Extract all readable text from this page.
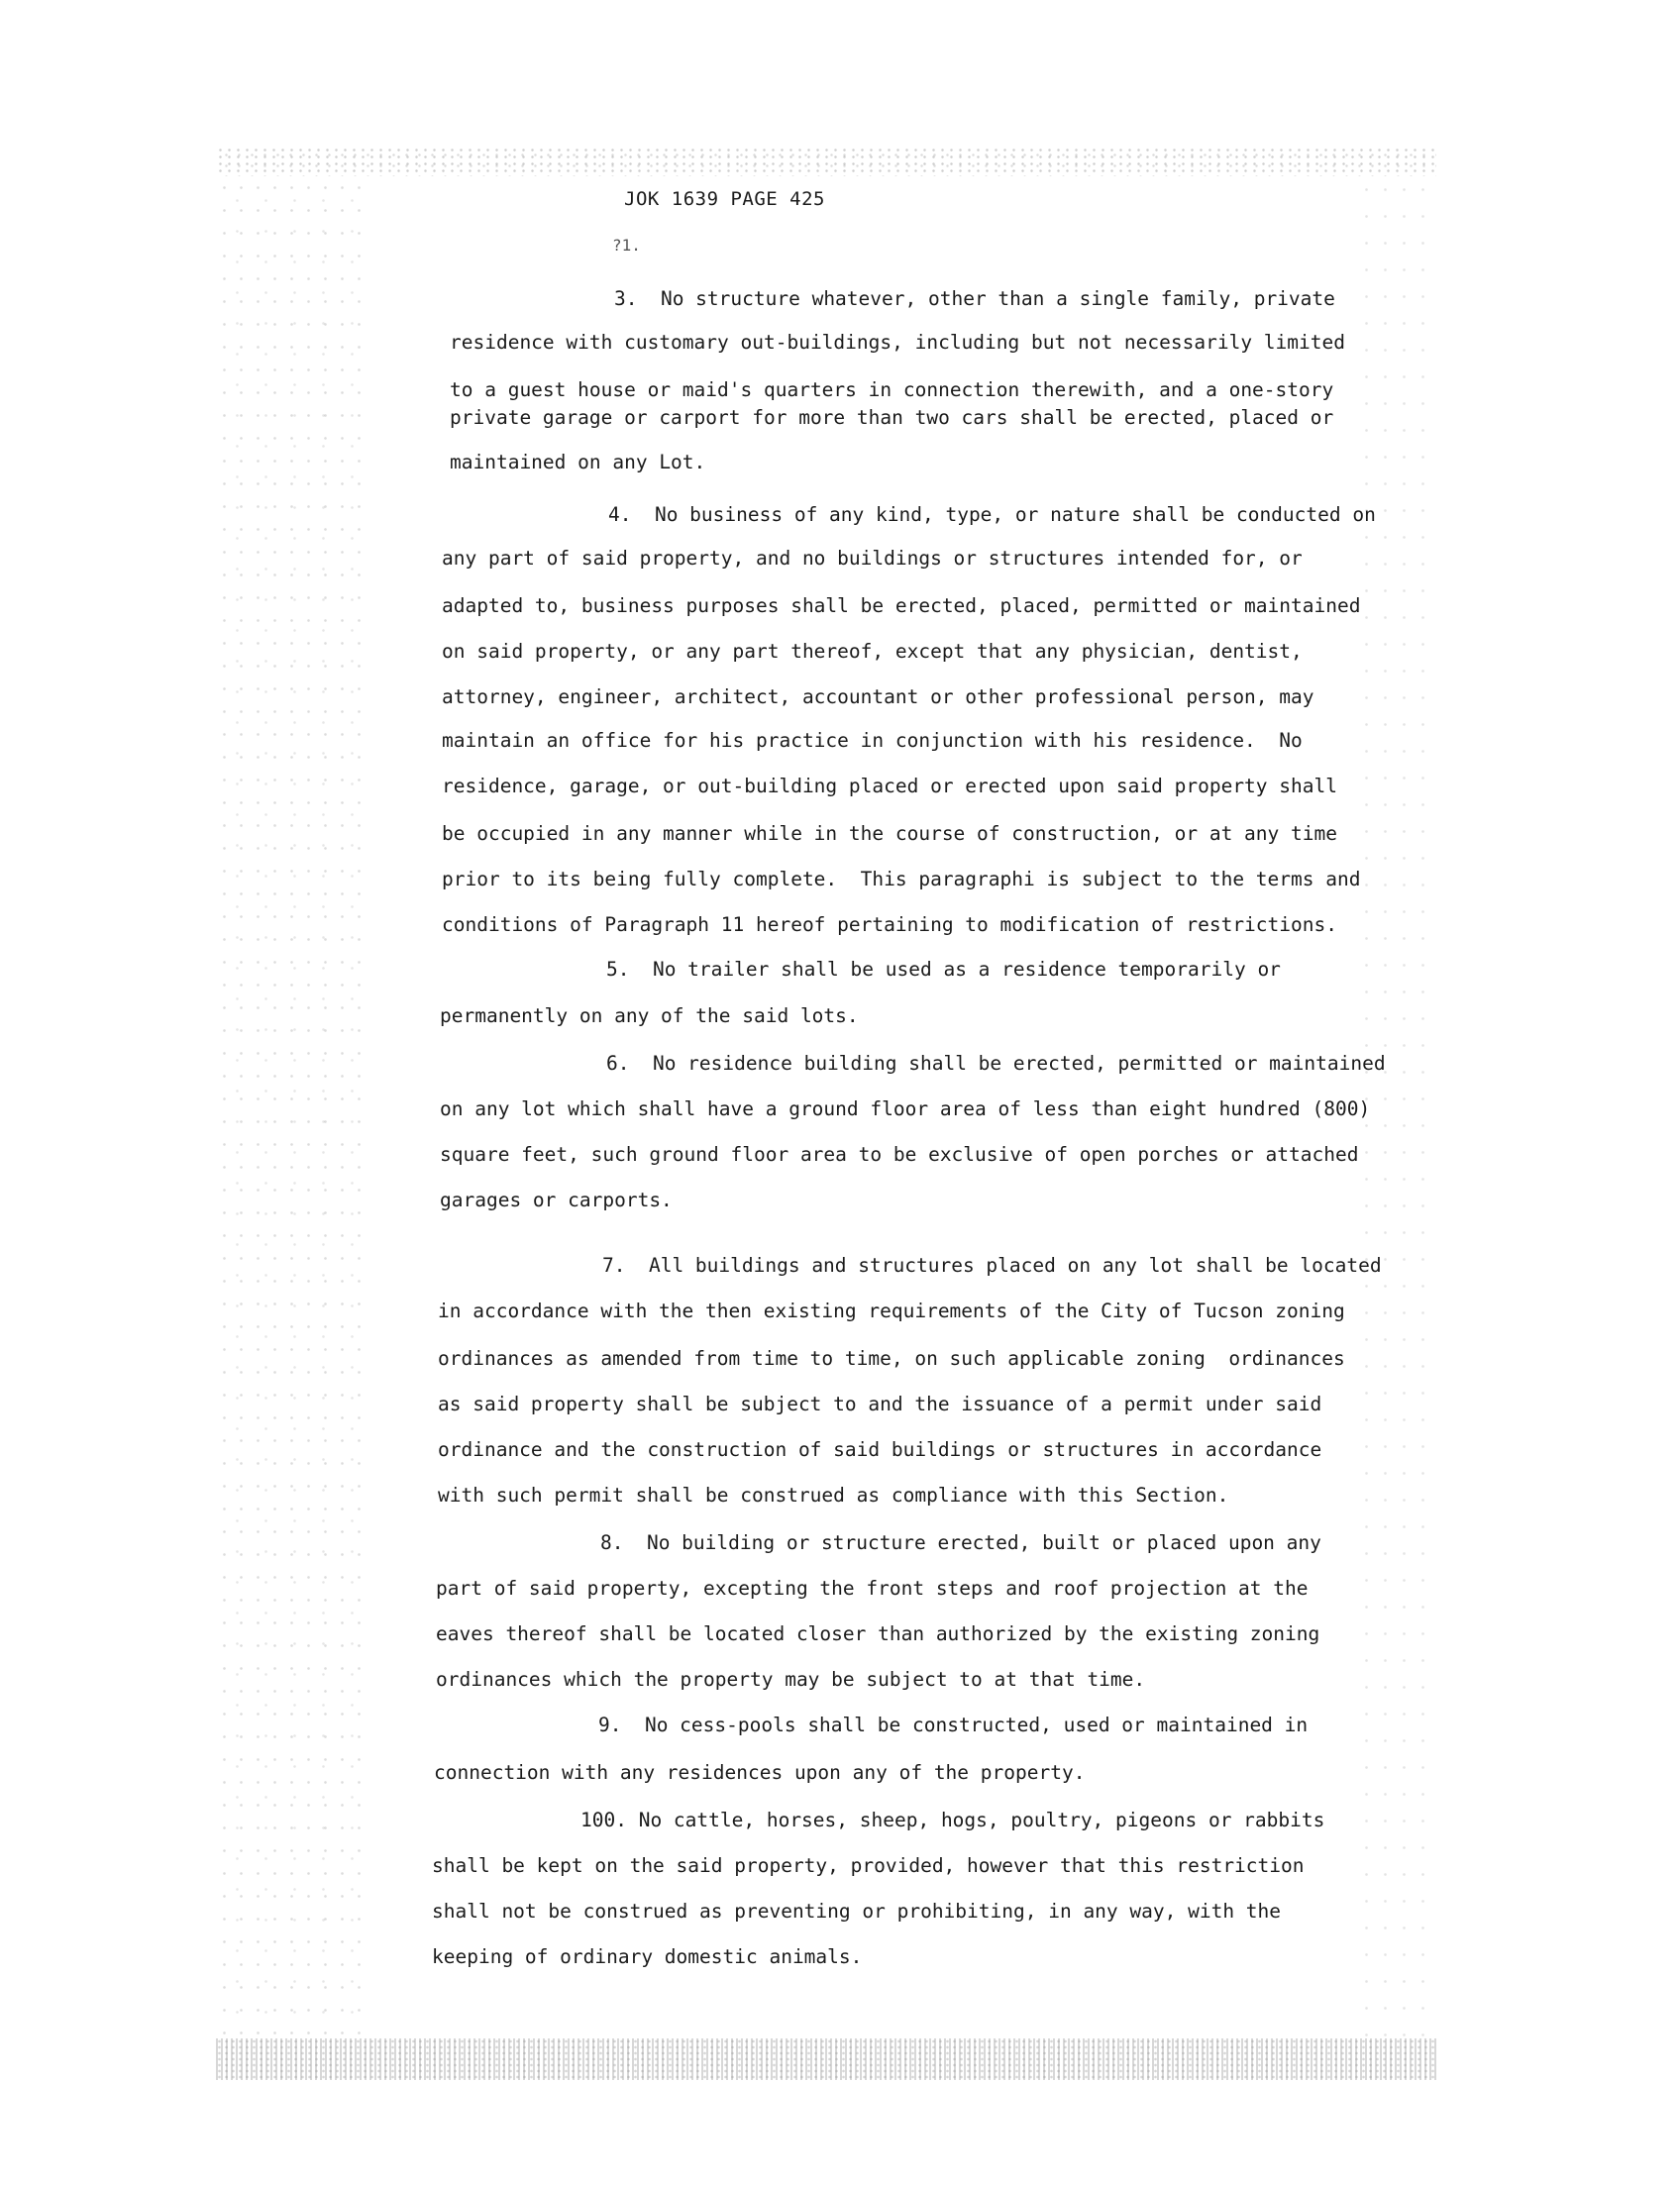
JOK 1639 PAGE 425
?1.
3.  No structure whatever, other than a single family, private
residence with customary out-buildings, including but not necessarily limited
to a guest house or maid's quarters in connection therewith, and a one-story
private garage or carport for more than two cars shall be erected, placed or
maintained on any Lot.
4.  No business of any kind, type, or nature shall be conducted on
any part of said property, and no buildings or structures intended for, or
adapted to, business purposes shall be erected, placed, permitted or maintained
on said property, or any part thereof, except that any physician, dentist,
attorney, engineer, architect, accountant or other professional person, may
maintain an office for his practice in conjunction with his residence.  No
residence, garage, or out-building placed or erected upon said property shall
be occupied in any manner while in the course of construction, or at any time
prior to its being fully complete.  This paragraphi is subject to the terms and
conditions of Paragraph 11 hereof pertaining to modification of restrictions.
5.  No trailer shall be used as a residence temporarily or
permanently on any of the said lots.
6.  No residence building shall be erected, permitted or maintained
on any lot which shall have a ground floor area of less than eight hundred (800)
square feet, such ground floor area to be exclusive of open porches or attached
garages or carports.
7.  All buildings and structures placed on any lot shall be located
in accordance with the then existing requirements of the City of Tucson zoning
ordinances as amended from time to time, on such applicable zoning  ordinances
as said property shall be subject to and the issuance of a permit under said
ordinance and the construction of said buildings or structures in accordance
with such permit shall be construed as compliance with this Section.
8.  No building or structure erected, built or placed upon any
part of said property, excepting the front steps and roof projection at the
eaves thereof shall be located closer than authorized by the existing zoning
ordinances which the property may be subject to at that time.
9.  No cess-pools shall be constructed, used or maintained in
connection with any residences upon any of the property.
100. No cattle, horses, sheep, hogs, poultry, pigeons or rabbits
shall be kept on the said property, provided, however that this restriction
shall not be construed as preventing or prohibiting, in any way, with the
keeping of ordinary domestic animals.
